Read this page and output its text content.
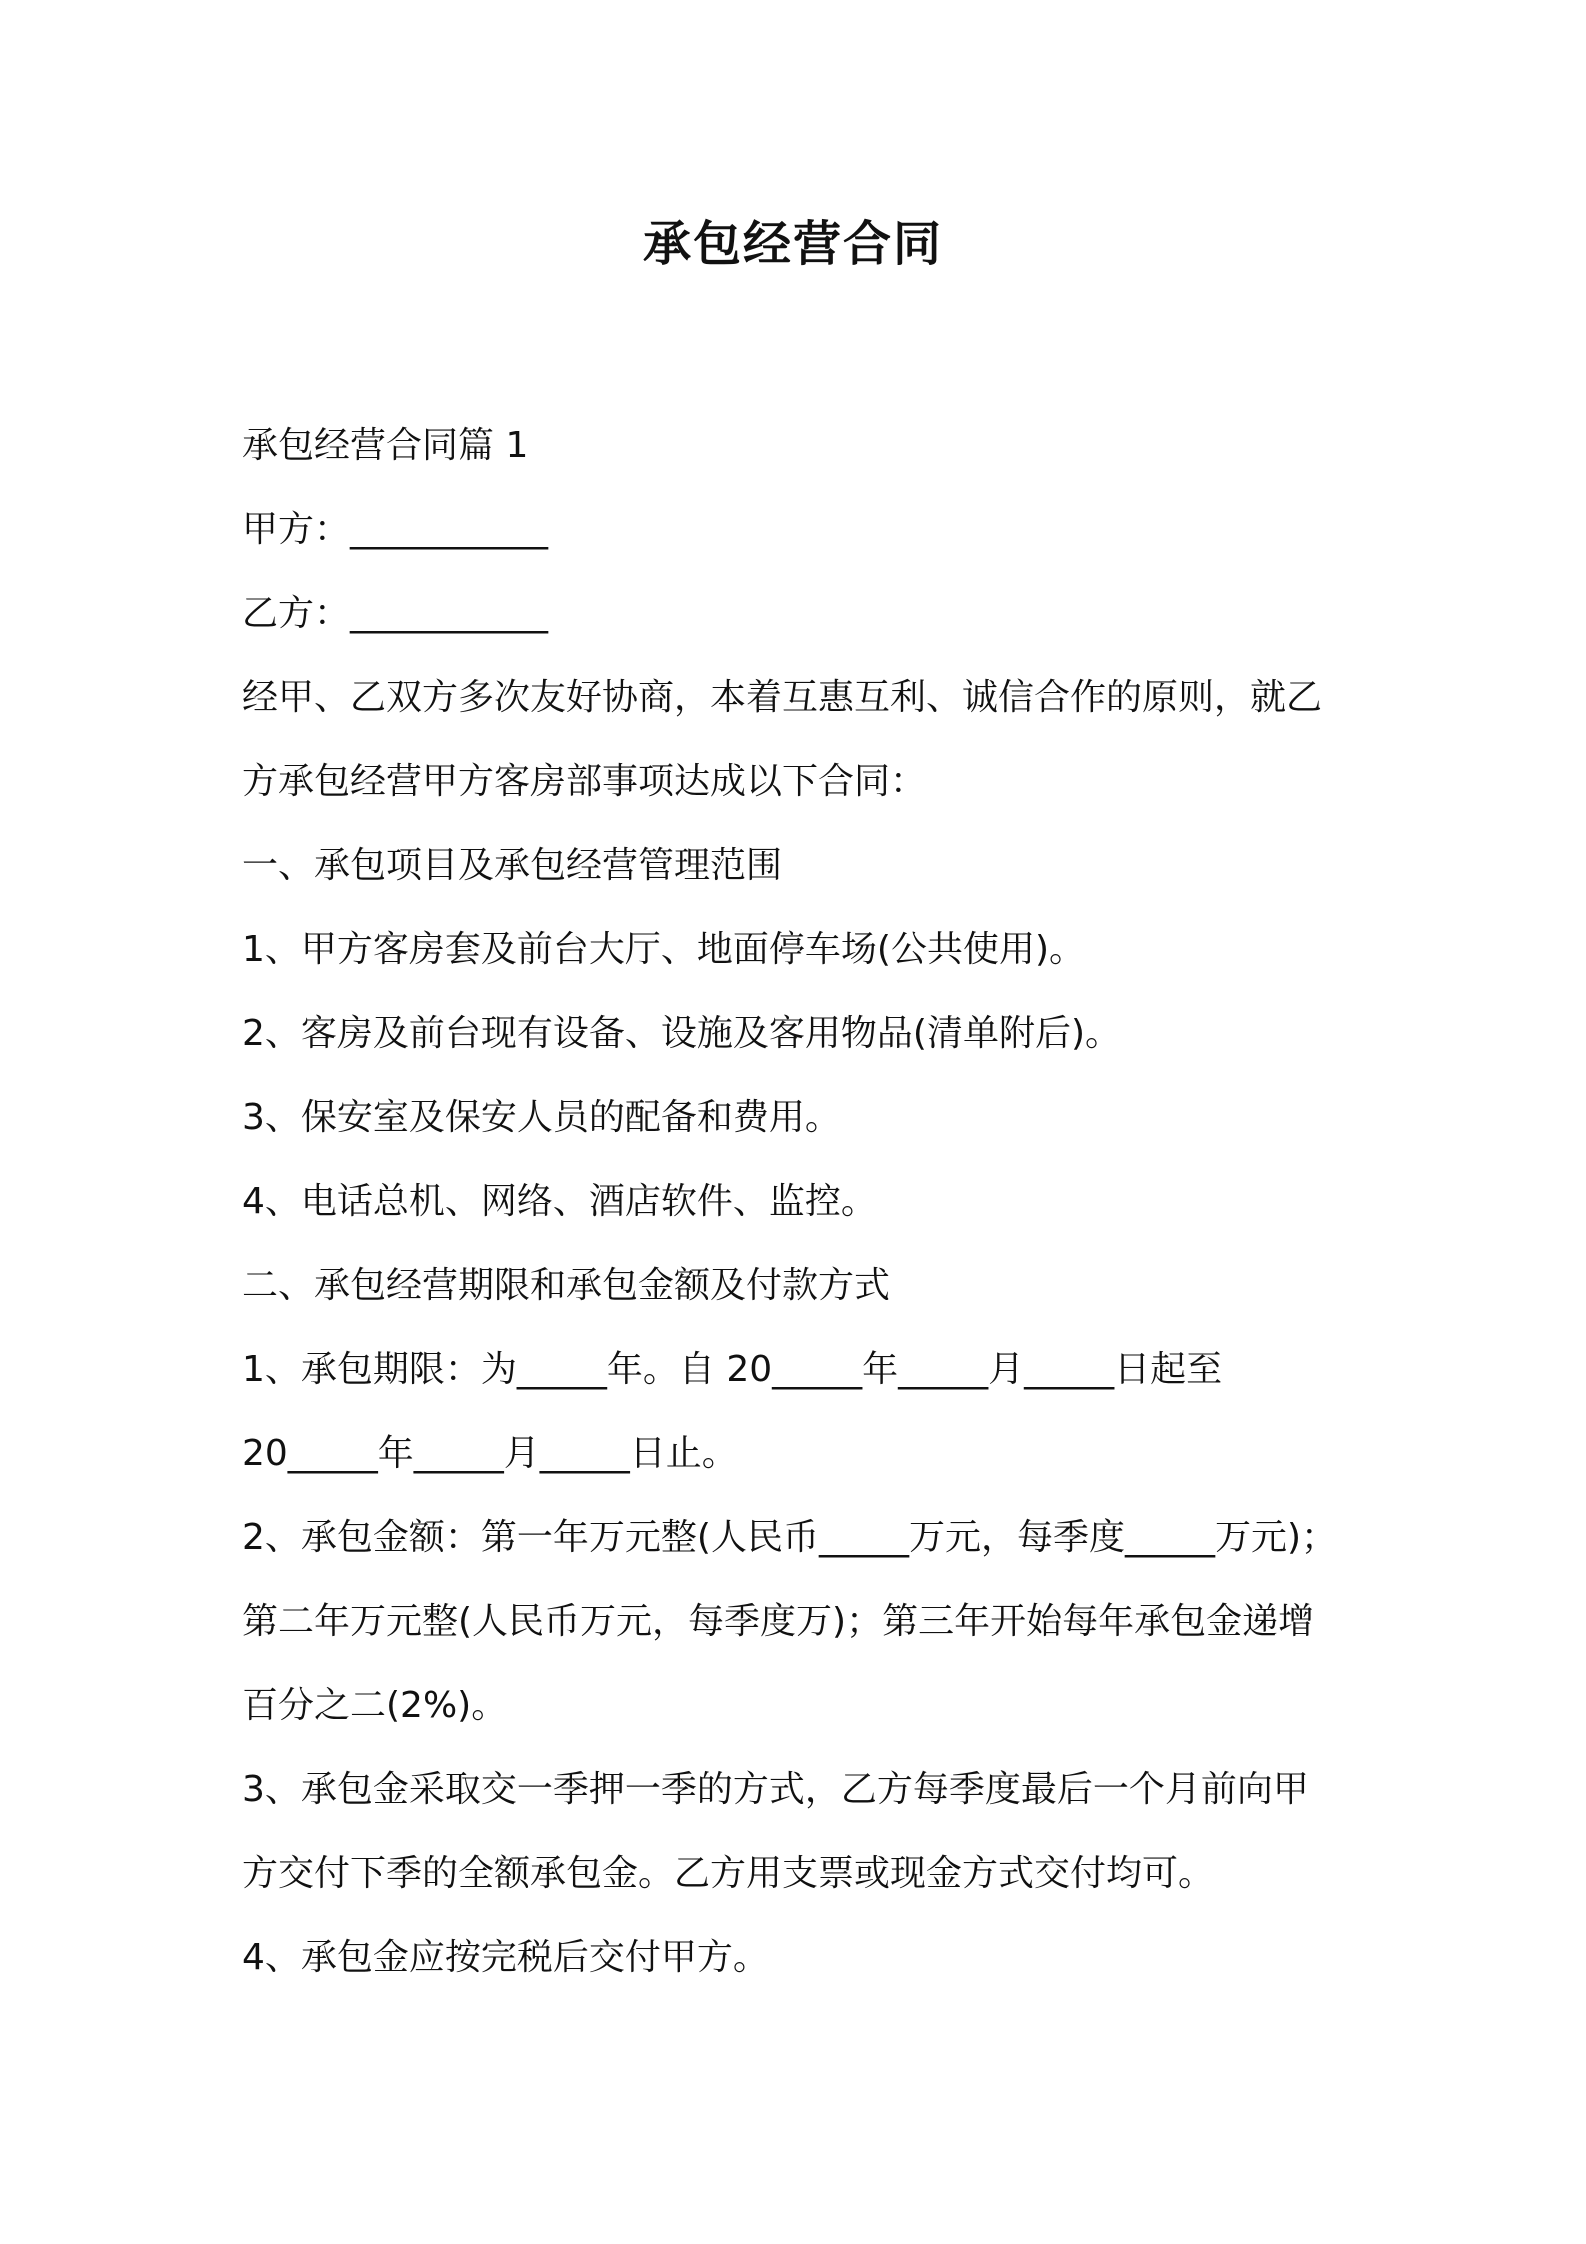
承包经营合同
承包经营合同篇 1
甲方：___________
乙方：___________
经甲、乙双方多次友好协商，本着互惠互利、诚信合作的原则，就乙
方承包经营甲方客房部事项达成以下合同：
一、承包项目及承包经营管理范围
1、甲方客房套及前台大厅、地面停车场(公共使用)。
2、客房及前台现有设备、设施及客用物品(清单附后)。
3、保安室及保安人员的配备和费用。
4、电话总机、网络、酒店软件、监控。
二、承包经营期限和承包金额及付款方式
1、承包期限：为_____年。自 20_____年_____月_____日起至
20_____年_____月_____日止。
2、承包金额：第一年万元整(人民币_____万元，每季度_____万元)；
第二年万元整(人民币万元，每季度万)；第三年开始每年承包金递增
百分之二(2%)。
3、承包金采取交一季押一季的方式，乙方每季度最后一个月前向甲
方交付下季的全额承包金。乙方用支票或现金方式交付均可。
4、承包金应按完税后交付甲方。
